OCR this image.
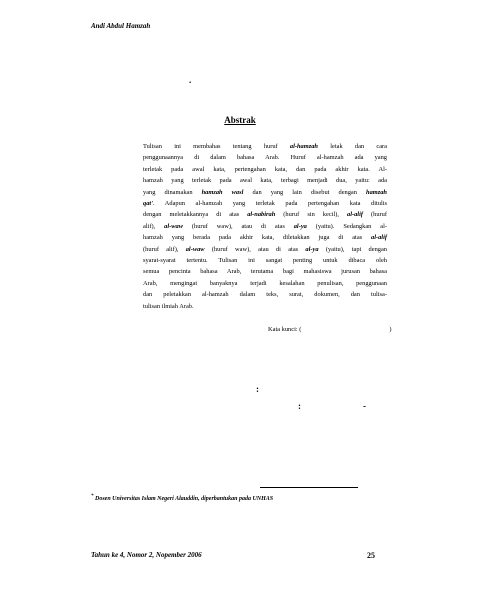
Andi Abdul Hamzah
.
Abstrak
Tulisan ini membahas tentang huruf al-hamzah letak dan cara
penggunaannya di dalam bahasa Arab. Huruf al-hamzah ada yang
terletak pada awal kata, pertengahan kata, dan pada akhir kata. Al-
hamzah yang terletak pada awal kata, terbagi menjadi dua, yaitu: ada
yang dinamakan hamzah wasl dan yang lain disebut dengan hamzah
qat'. Adapun al-hamzah yang terletak pada pertengahan kata ditulis
dengan meletakkannya di atas al-nabirah (huruf sin kecil), al-alif (huruf
alif), al-waw (huruf waw), atau di atas al-ya (yaitu). Sedangkan al-
hamzah yang berada pada akhir kata, diletakkan juga di atas al-alif
(huruf alif), al-waw (huruf waw), atau di atas al-ya (yaitu), tapi dengan
syarat-syarat tertentu. Tulisan ini sangat penting untuk dibaca oleh
semua pencinta bahasa Arab, terutama bagi mahasiswa jurusan bahasa
Arab, mengingat banyaknya terjadi kesalahan penulisan, penggunaan
dan peletakkan al-hamzah dalam teks, surat, dokumen, dan tulisa-
tulisan ilmiah Arab.
Kata kunci: (	)
:
:	-
* Dosen Universitas Islam Negeri Alauddin, diperbantukan pada UNHAS
Tahun ke 4, Nomor 2, Nopember 2006	25
